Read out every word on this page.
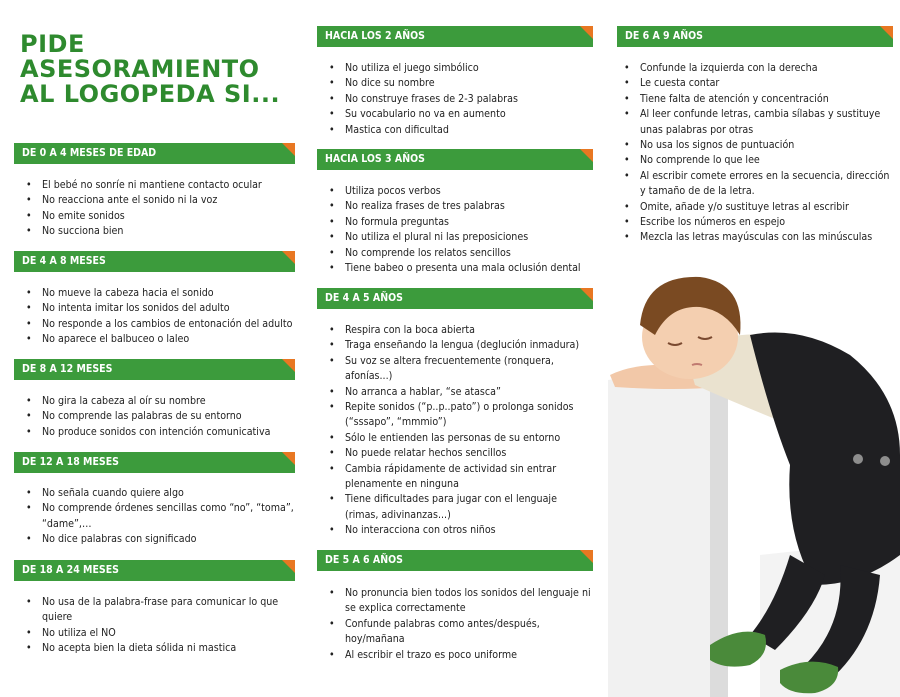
PIDE
ASESORAMIENTO
AL LOGOPEDA SI...
DE 0 A 4 MESES DE EDAD
• El bebé no sonríe ni mantiene contacto ocular
• No reacciona ante el sonido ni la voz
• No emite sonidos
• No succiona bien
DE 4 A 8 MESES
• No mueve la cabeza hacia el sonido
• No intenta imitar los sonidos del adulto
• No responde a los cambios de entonación del adulto
• No aparece el balbuceo o laleo
DE 8 A 12 MESES
• No gira la cabeza al oír su nombre
• No comprende las palabras de su entorno
• No produce sonidos con intención comunicativa
DE 12 A 18 MESES
• No señala cuando quiere algo
• No comprende órdenes sencillas como “no”, “toma”, “dame”,…
• No dice palabras con significado
DE 18 A 24 MESES
• No usa de la palabra-frase para comunicar lo que quiere
• No utiliza el NO
• No acepta bien la dieta sólida ni mastica
HACIA LOS 2 AÑOS
• No utiliza el juego simbólico
• No dice su nombre
• No construye frases de 2-3 palabras
• Su vocabulario no va en aumento
• Mastica con dificultad
HACIA LOS 3 AÑOS
• Utiliza pocos verbos
• No realiza frases de tres palabras
• No formula preguntas
• No utiliza el plural ni las preposiciones
• No comprende los relatos sencillos
• Tiene babeo o presenta una mala oclusión dental
DE 4 A 5 AÑOS
• Respira con la boca abierta
• Traga enseñando la lengua (deglución inmadura)
• Su voz se altera frecuentemente (ronquera, afonías...)
• No arranca a hablar, “se atasca”
• Repite sonidos (“p..p..pato”) o prolonga sonidos (“sssapo”, “mmmio”)
• Sólo le entienden las personas de su entorno
• No puede relatar hechos sencillos
• Cambia rápidamente de actividad sin entrar plenamente en ninguna
• Tiene dificultades para jugar con el lenguaje (rimas, adivinanzas...)
• No interacciona con otros niños
DE 5 A 6 AÑOS
• No pronuncia bien todos los sonidos del lenguaje ni se explica correctamente
• Confunde palabras como antes/después, hoy/mañana
• Al escribir el trazo es poco uniforme
DE 6 A 9 AÑOS
• Confunde la izquierda con la derecha
• Le cuesta contar
• Tiene falta de atención y concentración
• Al leer confunde letras, cambia sílabas y sustituye unas palabras por otras
• No usa los signos de puntuación
• No comprende lo que lee
• Al escribir comete errores en la secuencia, dirección y tamaño de de la letra.
• Omite, añade y/o sustituye letras al escribir
• Escribe los números en espejo
• Mezcla las letras mayúsculas con las minúsculas
